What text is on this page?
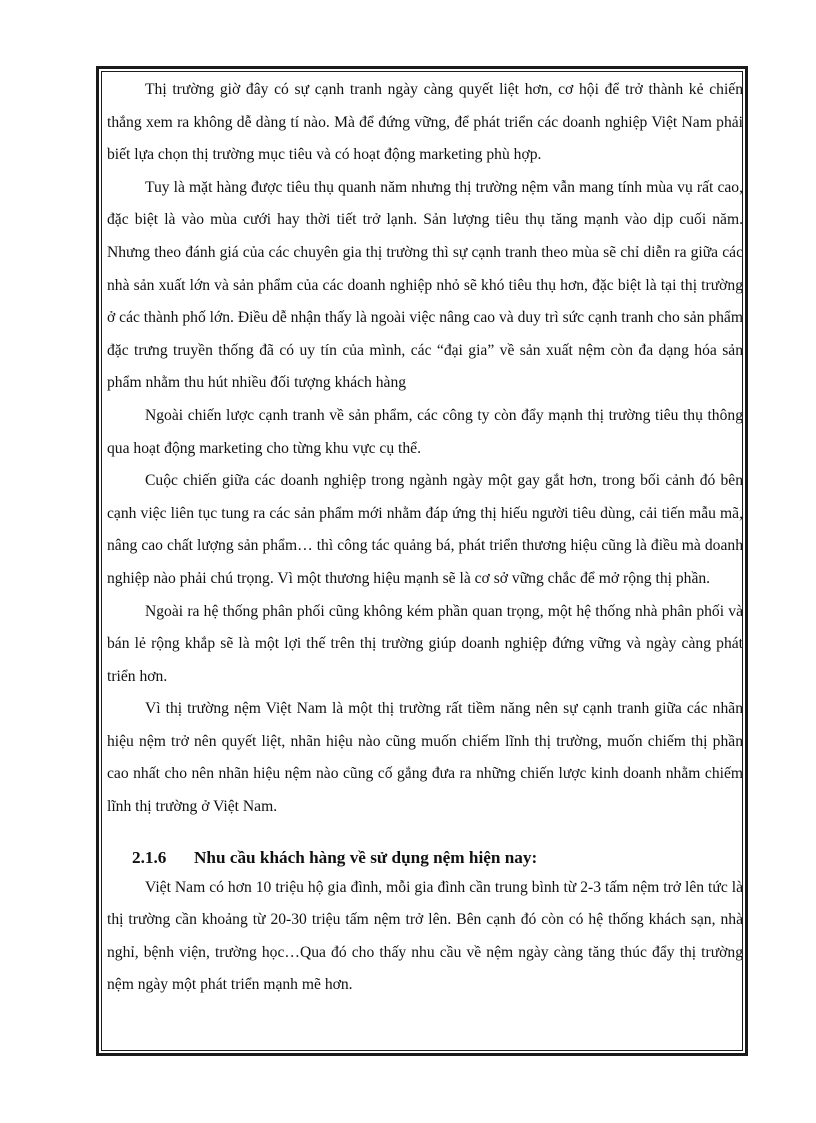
Thị trường giờ đây có sự cạnh tranh ngày càng quyết liệt hơn, cơ hội để trở thành kẻ chiến thắng xem ra không dễ dàng tí nào. Mà để đứng vững, để phát triển các doanh nghiệp Việt Nam phải biết lựa chọn thị trường mục tiêu và có hoạt động marketing phù hợp.

Tuy là mặt hàng được tiêu thụ quanh năm nhưng thị trường nệm vẫn mang tính mùa vụ rất cao, đặc biệt là vào mùa cưới hay thời tiết trở lạnh. Sản lượng tiêu thụ tăng mạnh vào dịp cuối năm. Nhưng theo đánh giá của các chuyên gia thị trường thì sự cạnh tranh theo mùa sẽ chỉ diễn ra giữa các nhà sản xuất lớn và sản phẩm của các doanh nghiệp nhỏ sẽ khó tiêu thụ hơn, đặc biệt là tại thị trường ở các thành phố lớn. Điều dễ nhận thấy là ngoài việc nâng cao và duy trì sức cạnh tranh cho sản phẩm đặc trưng truyền thống đã có uy tín của mình, các “đại gia” về sản xuất nệm còn đa dạng hóa sản phẩm nhằm thu hút nhiều đối tượng khách hàng

Ngoài chiến lược cạnh tranh về sản phẩm, các công ty còn đẩy mạnh thị trường tiêu thụ thông qua hoạt động marketing cho từng khu vực cụ thể.

Cuộc chiến giữa các doanh nghiệp trong ngành ngày một gay gắt hơn, trong bối cảnh đó bên cạnh việc liên tục tung ra các sản phẩm mới nhằm đáp ứng thị hiếu người tiêu dùng, cải tiến mẫu mã, nâng cao chất lượng sản phẩm… thì công tác quảng bá, phát triển thương hiệu cũng là điều mà doanh nghiệp nào phải chú trọng. Vì một thương hiệu mạnh sẽ là cơ sở vững chắc để mở rộng thị phần.

Ngoài ra hệ thống phân phối cũng không kém phần quan trọng, một hệ thống nhà phân phối và bán lẻ rộng khắp sẽ là một lợi thế trên thị trường giúp doanh nghiệp đứng vững và ngày càng phát triển hơn.

Vì thị trường nệm Việt Nam là một thị trường rất tiềm năng nên sự cạnh tranh giữa các nhãn hiệu nệm trở nên quyết liệt, nhãn hiệu nào cũng muốn chiếm lĩnh thị trường, muốn chiếm thị phần cao nhất cho nên nhãn hiệu nệm nào cũng cố gắng đưa ra những chiến lược kinh doanh nhằm chiếm lĩnh thị trường ở Việt Nam.

2.1.6	Nhu cầu khách hàng về sử dụng nệm hiện nay:

Việt Nam có hơn 10 triệu hộ gia đình, mỗi gia đình cần trung bình từ 2-3 tấm nệm trở lên tức là thị trường cần khoảng từ 20-30 triệu tấm nệm trở lên. Bên cạnh đó còn có hệ thống khách sạn, nhà nghỉ, bệnh viện, trường học…Qua đó cho thấy nhu cầu về nệm ngày càng tăng thúc đẩy thị trường nệm ngày một phát triển mạnh mẽ hơn.
